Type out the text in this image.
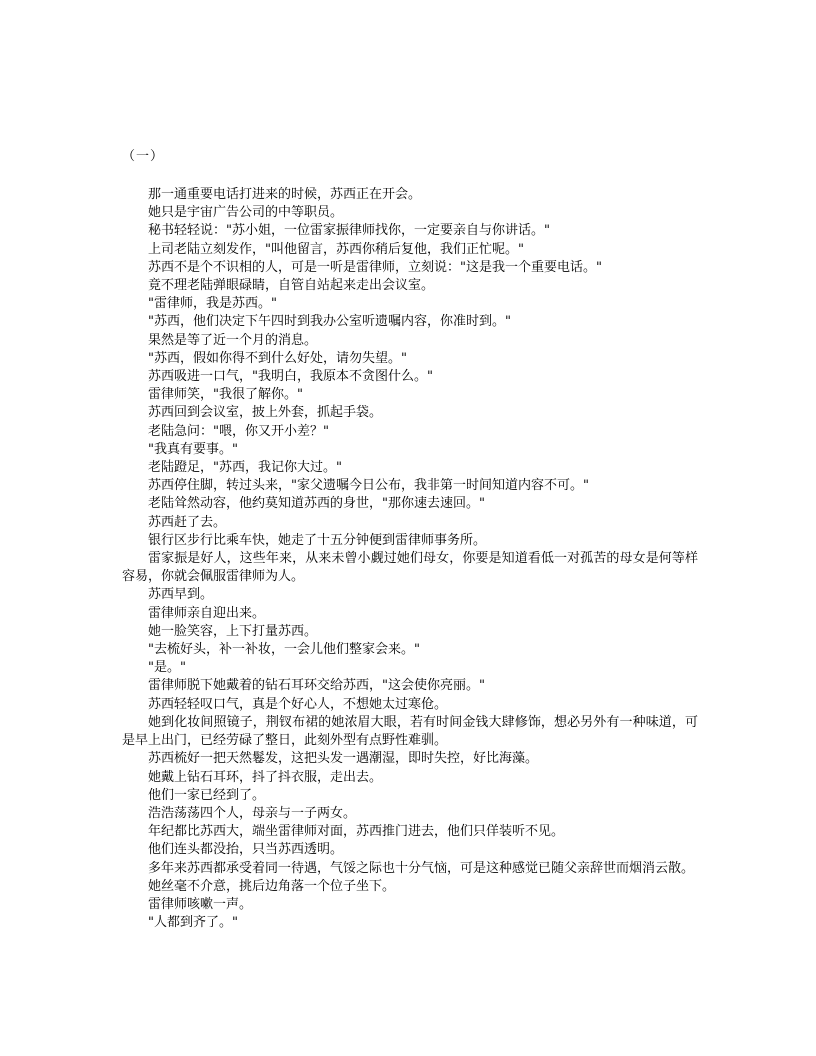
（一）

那一通重要电话打进来的时候，苏西正在开会。

她只是宇宙广告公司的中等职员。

秘书轻轻说："苏小姐，一位雷家振律师找你，一定要亲自与你讲话。"

上司老陆立刻发作，"叫他留言，苏西你稍后复他，我们正忙呢。"

苏西不是个不识相的人，可是一听是雷律师，立刻说："这是我一个重要电话。"

竟不理老陆弹眼碌睛，自管自站起来走出会议室。

"雷律师，我是苏西。"

"苏西，他们决定下午四时到我办公室听遗嘱内容，你准时到。"

果然是等了近一个月的消息。

"苏西，假如你得不到什么好处，请勿失望。"

苏西吸进一口气，"我明白，我原本不贪图什么。"

雷律师笑，"我很了解你。"

苏西回到会议室，披上外套，抓起手袋。

老陆急问："喂，你又开小差？"

"我真有要事。"

老陆蹬足，"苏西，我记你大过。"

苏西停住脚，转过头来，"家父遗嘱今日公布，我非第一时间知道内容不可。"

老陆耸然动容，他约莫知道苏西的身世，"那你速去速回。"

苏西赶了去。

银行区步行比乘车快，她走了十五分钟便到雷律师事务所。

雷家振是好人，这些年来，从来未曾小觑过她们母女，你要是知道看低一对孤苦的母女是何等样容易，你就会佩服雷律师为人。

苏西早到。

雷律师亲自迎出来。

她一脸笑容，上下打量苏西。

"去梳好头，补一补妆，一会儿他们整家会来。"

"是。"

雷律师脱下她戴着的钻石耳环交给苏西，"这会使你亮丽。"

苏西轻轻叹口气，真是个好心人，不想她太过寒伧。

她到化妆间照镜子，荆钗布裙的她浓眉大眼，若有时间金钱大肆修饰，想必另外有一种味道，可是早上出门，已经劳碌了整日，此刻外型有点野性难驯。

苏西梳好一把天然鬈发，这把头发一遇潮湿，即时失控，好比海藻。

她戴上钻石耳环，抖了抖衣服，走出去。

他们一家已经到了。

浩浩荡荡四个人，母亲与一子两女。

年纪都比苏西大，端坐雷律师对面，苏西推门进去，他们只佯装听不见。

他们连头都没抬，只当苏西透明。

多年来苏西都承受着同一待遇，气馁之际也十分气恼，可是这种感觉已随父亲辞世而烟消云散。

她丝毫不介意，挑后边角落一个位子坐下。

雷律师咳嗽一声。

"人都到齐了。"
